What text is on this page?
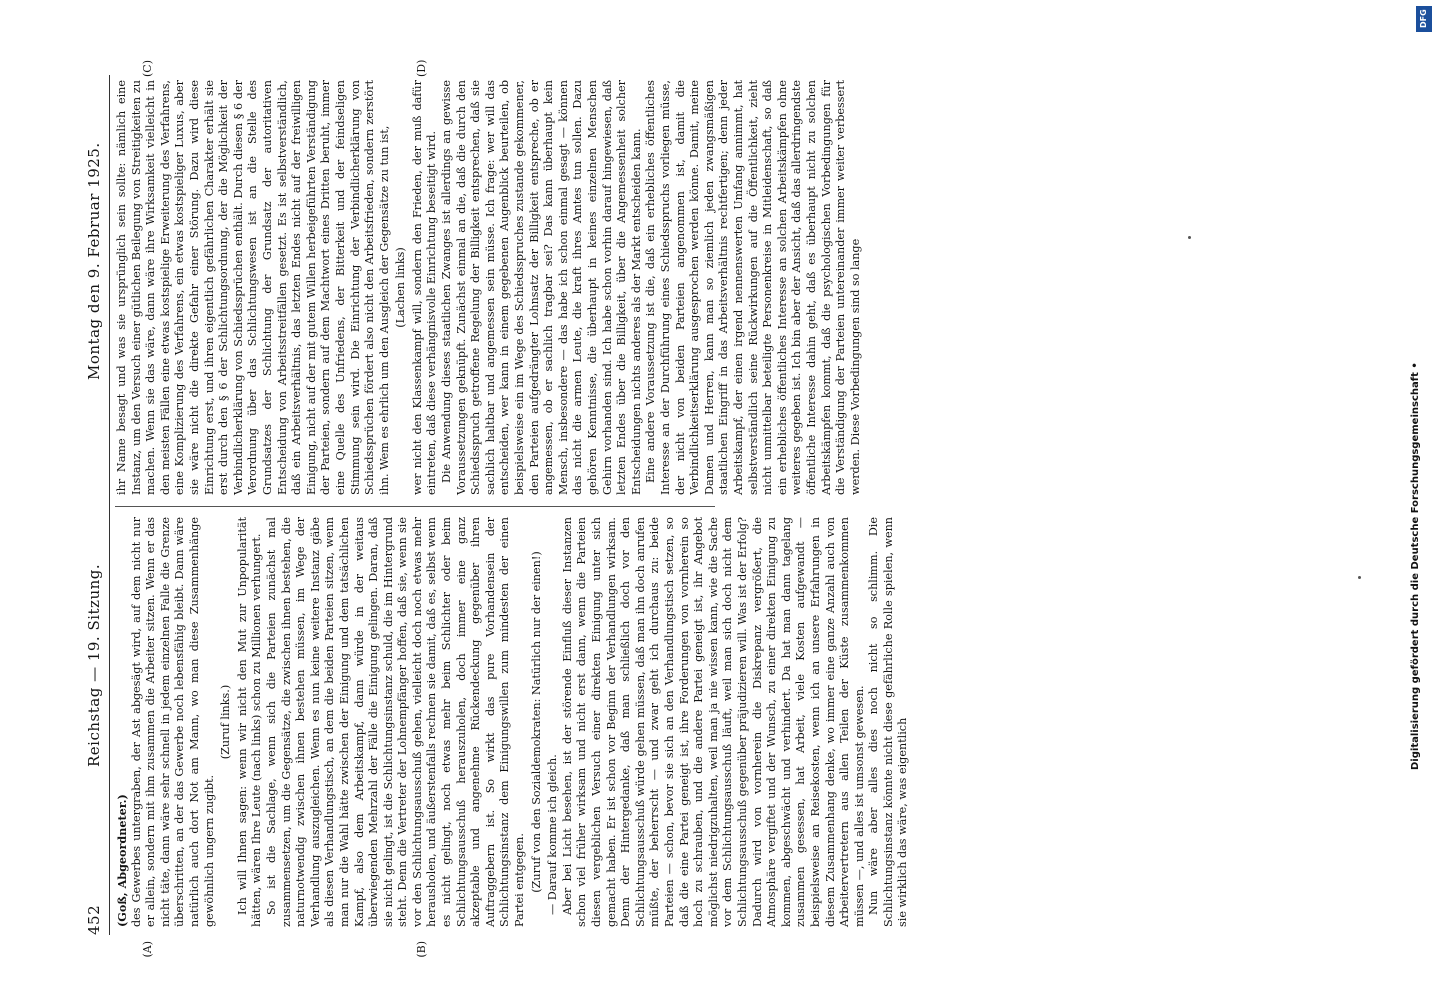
452
Reichstag — 19. Sitzung.
Montag den 9. Februar 1925.

(Goß, Abgeordneter.) des Gewerbes untergraben, der Ast abgesägt wird, auf dem nicht nur er allein, sondern mit ihm zusammen die Arbeiter sitzen. Wenn er das nicht täte, dann wäre sehr schnell in jedem einzelnen Falle die Grenze überschritten, an der das Gewerbe noch lebensfähig bleibt. Dann wäre natürlich auch dort Not am Mann, wo man diese Zusammenhänge gewöhnlich ungern zugibt.

(Zuruf links.) Ich will Ihnen sagen: wenn wir nicht den Mut zur Unpopularität hätten, wären Ihre Leute (nach links) schon zu Millionen verhungert. So ist die Sachlage, wenn sich die Parteien zunächst mal zusammensetzen, um die Gegensätze, die zwischen ihnen bestehen, die naturnotwendig zwischen ihnen bestehen müssen, im Wege der Verhandlung auszugleichen. Wenn es nun keine weitere Instanz gäbe als diesen Verhandlungstisch, an dem die beiden Parteien sitzen, wenn man nur die Wahl hätte zwischen der Einigung und dem tatsächlichen Kampf, also dem Arbeitskampf, dann würde in der weitaus überwiegenden Mehrzahl der Fälle die Einigung gelingen. Daran, daß sie nicht gelingt, ist die Schlichtungsinstanz schuld, die im Hintergrund steht. Denn die Vertreter der Lohnempfänger hoffen, daß sie, wenn sie vor den Schlichtungsausschuß gehen, vielleicht doch noch etwas mehr herausholen, und äußerstenfalls rechnen sie damit, daß es, selbst wenn es nicht gelingt, noch etwas mehr beim Schlichter oder beim Schlichtungsausschuß herauszuholen, doch immer eine ganz akzeptable und angenehme Rückendeckung gegenüber ihren Auftraggebern ist. So wirkt das pure Vorhandensein der Schlichtungsinstanz dem Einigungswillen zum mindesten der einen Partei entgegen. (Zuruf von den Sozialdemokraten: Natürlich nur der einen!) — Darauf komme ich gleich. Aber bei Licht besehen, ist der störende Einfluß dieser Instanzen schon viel früher wirksam und nicht erst dann, wenn die Parteien diesen vergeblichen Versuch einer direkten Einigung unter sich gemacht haben. Er ist schon vor Beginn der Verhandlungen wirksam. Denn der Hintergedanke, daß man schließlich doch vor den Schlichtungsausschuß würde gehen müssen, daß man ihn doch anrufen müßte, der beherrscht — und zwar geht ich durchaus zu: beide Parteien — schon, bevor sie sich an den Verhandlungstisch setzen, so daß die eine Partei geneigt ist, ihre Forderungen von vornherein so hoch zu schrauben, und die andere Partei geneigt ist, ihr Angebot möglichst niedrigzuhalten, weil man ja nie wissen kann, wie die Sache vor dem Schlichtungsausschuß läuft, weil man sich doch nicht dem Schlichtungsausschuß gegenüber präjudizieren will. Was ist der Erfolg? Dadurch wird von vornherein die Diskrepanz vergrößert, die Atmosphäre vergiftet und der Wunsch, zu einer direkten Einigung zu kommen, abgeschwächt und verhindert. Da hat man dann tagelang zusammen gesessen, hat Arbeit, viele Kosten aufgewandt — beispielsweise an Reisekosten, wenn ich an unsere Erfahrungen in diesem Zusammenhang denke, wo immer eine ganze Anzahl auch von Arbeitervertretern aus allen Teilen der Küste zusammenkommen müssen —, und alles ist umsonst gewesen. Nun wäre aber alles dies noch nicht so schlimm. Die Schlichtungsinstanz könnte nicht diese gefährliche Rolle spielen, wenn sie wirklich das wäre, was eigentlich

ihr Name besagt und was sie ursprünglich sein sollte: nämlich eine Instanz, um den Versuch einer gütlichen Beilegung von Streitigkeiten zu machen. Wenn sie das wäre, dann wäre ihre Wirksamkeit vielleicht in den meisten Fällen eine etwas kostspielige Erweiterung des Verfahrens, eine Komplizierung des Verfahrens, ein etwas kostspieliger Luxus, aber sie wäre nicht die direkte Gefahr einer Störung. Dazu wird diese Einrichtung erst, und ihren eigentlich gefährlichen Charakter erhält sie erst durch den § 6 der Schlichtungsordnung, der die Möglichkeit der Verbindlicherklärung von Schiedssprüchen enthält. Durch diesen § 6 der Verordnung über das Schlichtungswesen ist an die Stelle des Grundsatzes der Schlichtung der Grundsatz der autoritativen Entscheidung von Arbeitsstreitfällen gesetzt. Es ist selbstverständlich, daß ein Arbeitsverhältnis, das letzten Endes nicht auf der freiwilligen Einigung, nicht auf der mit gutem Willen herbeigeführten Verständigung der Parteien, sondern auf dem Machtwort eines Dritten beruht, immer eine Quelle des Unfriedens, der Bitterkeit und der feindseligen Stimmung sein wird. Die Einrichtung der Verbindlicherklärung von Schiedssprüchen fördert also nicht den Arbeitsfrieden, sondern zerstört ihn. Wem es ehrlich um den Ausgleich der Gegensätze zu tun ist, (Lachen links) wer nicht den Klassenkampf will, sondern den Frieden, der muß dafür eintreten, daß diese verhängnisvolle Einrichtung beseitigt wird. Die Anwendung dieses staatlichen Zwanges ist allerdings an gewisse Voraussetzungen geknüpft. Zunächst einmal an die, daß die durch den Schiedsspruch getroffene Regelung der Billigkeit entsprechen, daß sie sachlich haltbar und angemessen sein müsse. Ich frage: wer will das entscheiden, wer kann in einem gegebenen Augenblick beurteilen, ob beispielsweise ein im Wege des Schiedsspruches zustande gekommener, den Parteien aufgedrängter Lohnsatz der Billigkeit entspreche, ob er angemessen, ob er sachlich tragbar sei? Das kann überhaupt kein Mensch, insbesondere — das habe ich schon einmal gesagt — können das nicht die armen Leute, die kraft ihres Amtes tun sollen. Dazu gehören Kenntnisse, die überhaupt in keines einzelnen Menschen Gehirn vorhanden sind. Ich habe schon vorhin darauf hingewiesen, daß letzten Endes über die Billigkeit, über die Angemessenheit solcher Entscheidungen nichts anderes als der Markt entscheiden kann. Eine andere Voraussetzung ist die, daß ein erhebliches öffentliches Interesse an der Durchführung eines Schiedsspruchs vorliegen müsse, der nicht von beiden Parteien angenommen ist, damit die Verbindlichkeitserklärung ausgesprochen werden könne. Damit, meine Damen und Herren, kann man so ziemlich jeden zwangsmäßigen staatlichen Eingriff in das Arbeitsverhältnis rechtfertigen; denn jeder Arbeitskampf, der einen irgend nennenswerten Umfang annimmt, hat selbstverständlich seine Rückwirkungen auf die Öffentlichkeit, zieht nicht unmittelbar beteiligte Personenkreise in Mitleidenschaft, so daß ein erhebliches öffentliches Interesse an solchen Arbeitskämpfen ohne weiteres gegeben ist. Ich bin aber der Ansicht, daß das allerdringendste öffentliche Interesse dahin geht, daß es überhaupt nicht zu solchen Arbeitskämpfen kommt, daß die psychologischen Vorbedingungen für die Verständigung der Parteien untereinander immer weiter verbessert werden. Diese Vorbedingungen sind so lange

(A)	(B)
(C)	(D)
DFG
Digitalisierung gefördert durch die Deutsche Forschungsgemeinschaft •
